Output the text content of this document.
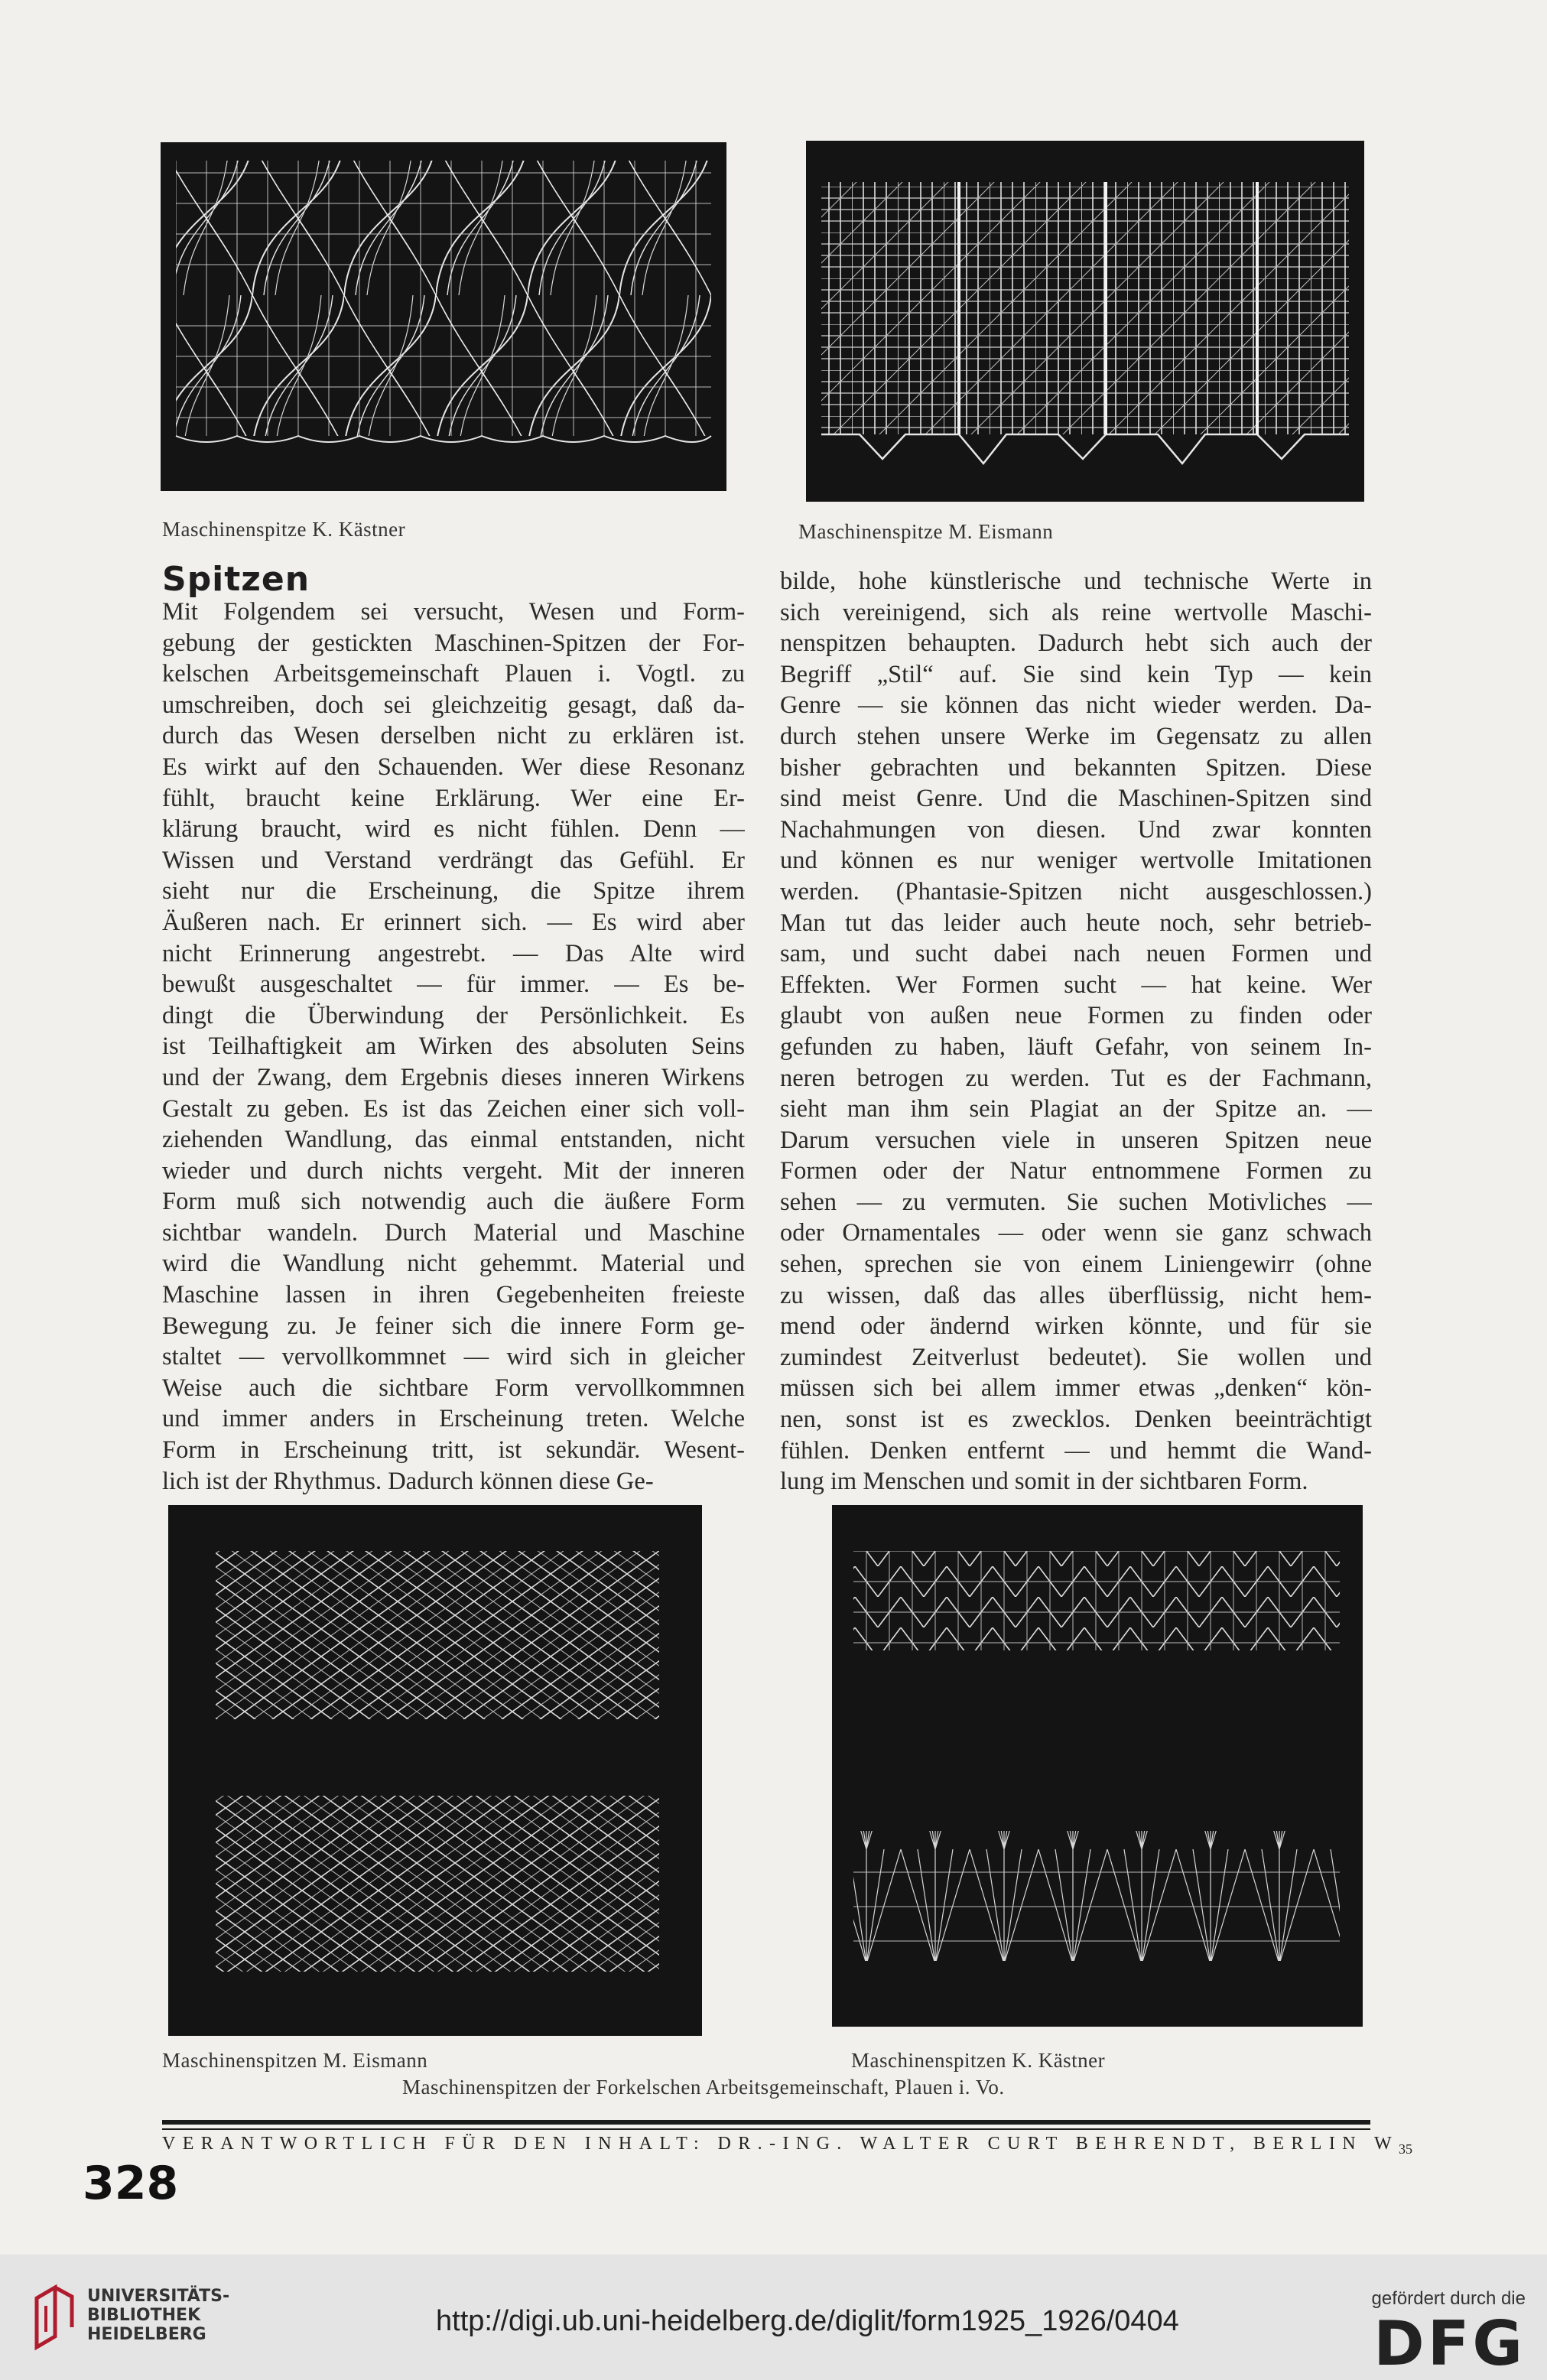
Maschinenspitze K. Kästner	Maschinenspitze M. Eismann
Spitzen
Mit Folgendem sei versucht, Wesen und Form-
gebung der gestickten Maschinen-Spitzen der For-
kelschen Arbeitsgemeinschaft Plauen i. Vogtl. zu
umschreiben, doch sei gleichzeitig gesagt, daß da-
durch das Wesen derselben nicht zu erklären ist.
Es wirkt auf den Schauenden. Wer diese Resonanz
fühlt, braucht keine Erklärung. Wer eine Er-
klärung braucht, wird es nicht fühlen. Denn —
Wissen und Verstand verdrängt das Gefühl. Er
sieht nur die Erscheinung, die Spitze ihrem
Äußeren nach. Er erinnert sich. — Es wird aber
nicht Erinnerung angestrebt. — Das Alte wird
bewußt ausgeschaltet — für immer. — Es be-
dingt die Überwindung der Persönlichkeit. Es
ist Teilhaftigkeit am Wirken des absoluten Seins
und der Zwang, dem Ergebnis dieses inneren Wirkens
Gestalt zu geben. Es ist das Zeichen einer sich voll-
ziehenden Wandlung, das einmal entstanden, nicht
wieder und durch nichts vergeht. Mit der inneren
Form muß sich notwendig auch die äußere Form
sichtbar wandeln. Durch Material und Maschine
wird die Wandlung nicht gehemmt. Material und
Maschine lassen in ihren Gegebenheiten freieste
Bewegung zu. Je feiner sich die innere Form ge-
staltet — vervollkommnet — wird sich in gleicher
Weise auch die sichtbare Form vervollkommnen
und immer anders in Erscheinung treten. Welche
Form in Erscheinung tritt, ist sekundär. Wesent-
lich ist der Rhythmus. Dadurch können diese Ge-
bilde, hohe künstlerische und technische Werte in
sich vereinigend, sich als reine wertvolle Maschi-
nenspitzen behaupten. Dadurch hebt sich auch der
Begriff „Stil“ auf. Sie sind kein Typ — kein
Genre — sie können das nicht wieder werden. Da-
durch stehen unsere Werke im Gegensatz zu allen
bisher gebrachten und bekannten Spitzen. Diese
sind meist Genre. Und die Maschinen-Spitzen sind
Nachahmungen von diesen. Und zwar konnten
und können es nur weniger wertvolle Imitationen
werden. (Phantasie-Spitzen nicht ausgeschlossen.)
Man tut das leider auch heute noch, sehr betrieb-
sam, und sucht dabei nach neuen Formen und
Effekten. Wer Formen sucht — hat keine. Wer
glaubt von außen neue Formen zu finden oder
gefunden zu haben, läuft Gefahr, von seinem In-
neren betrogen zu werden. Tut es der Fachmann,
sieht man ihm sein Plagiat an der Spitze an. —
Darum versuchen viele in unseren Spitzen neue
Formen oder der Natur entnommene Formen zu
sehen — zu vermuten. Sie suchen Motivliches —
oder Ornamentales — oder wenn sie ganz schwach
sehen, sprechen sie von einem Liniengewirr (ohne
zu wissen, daß das alles überflüssig, nicht hem-
mend oder ändernd wirken könnte, und für sie
zumindest Zeitverlust bedeutet). Sie wollen und
müssen sich bei allem immer etwas „denken“ kön-
nen, sonst ist es zwecklos. Denken beeinträchtigt
fühlen. Denken entfernt — und hemmt die Wand-
lung im Menschen und somit in der sichtbaren Form.
Maschinenspitzen M. Eismann	Maschinenspitzen K. Kästner
Maschinenspitzen der Forkelschen Arbeitsgemeinschaft, Plauen i. Vo.
VERANTWORTLICH FÜR DEN INHALT: DR.-ING. WALTER CURT BEHRENDT, BERLIN $W_{35}$
328
UNIVERSITÄTS-
BIBLIOTHEK
HEIDELBERG	http://digi.ub.uni-heidelberg.de/diglit/form1925_1926/0404
gefördert durch die
DFG
